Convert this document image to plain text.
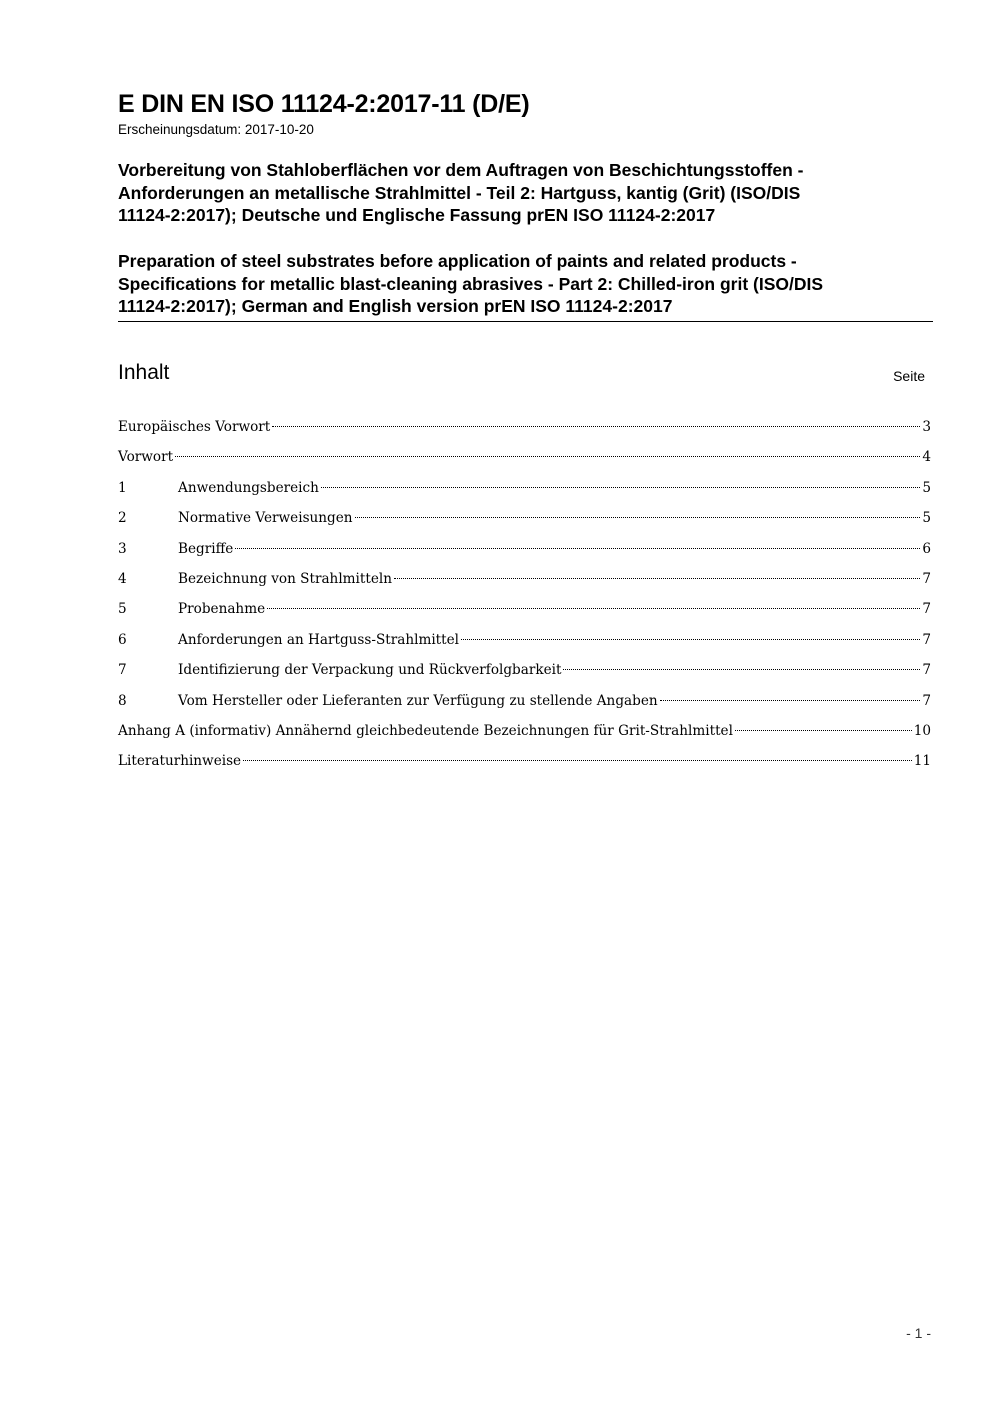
E DIN EN ISO 11124-2:2017-11 (D/E)
Erscheinungsdatum: 2017-10-20
Vorbereitung von Stahloberflächen vor dem Auftragen von Beschichtungsstoffen -
Anforderungen an metallische Strahlmittel - Teil 2: Hartguss, kantig (Grit) (ISO/DIS
11124-2:2017); Deutsche und Englische Fassung prEN ISO 11124-2:2017
Preparation of steel substrates before application of paints and related products -
Specifications for metallic blast-cleaning abrasives - Part 2: Chilled-iron grit (ISO/DIS
11124-2:2017); German and English version prEN ISO 11124-2:2017
Inhalt	Seite
Europäisches Vorwort	3
Vorwort	4
1	Anwendungsbereich	5
2	Normative Verweisungen	5
3	Begriffe	6
4	Bezeichnung von Strahlmitteln	7
5	Probenahme	7
6	Anforderungen an Hartguss-Strahlmittel	7
7	Identifizierung der Verpackung und Rückverfolgbarkeit	7
8	Vom Hersteller oder Lieferanten zur Verfügung zu stellende Angaben	7
Anhang A (informativ) Annähernd gleichbedeutende Bezeichnungen für Grit-Strahlmittel	10
Literaturhinweise	11
- 1 -
